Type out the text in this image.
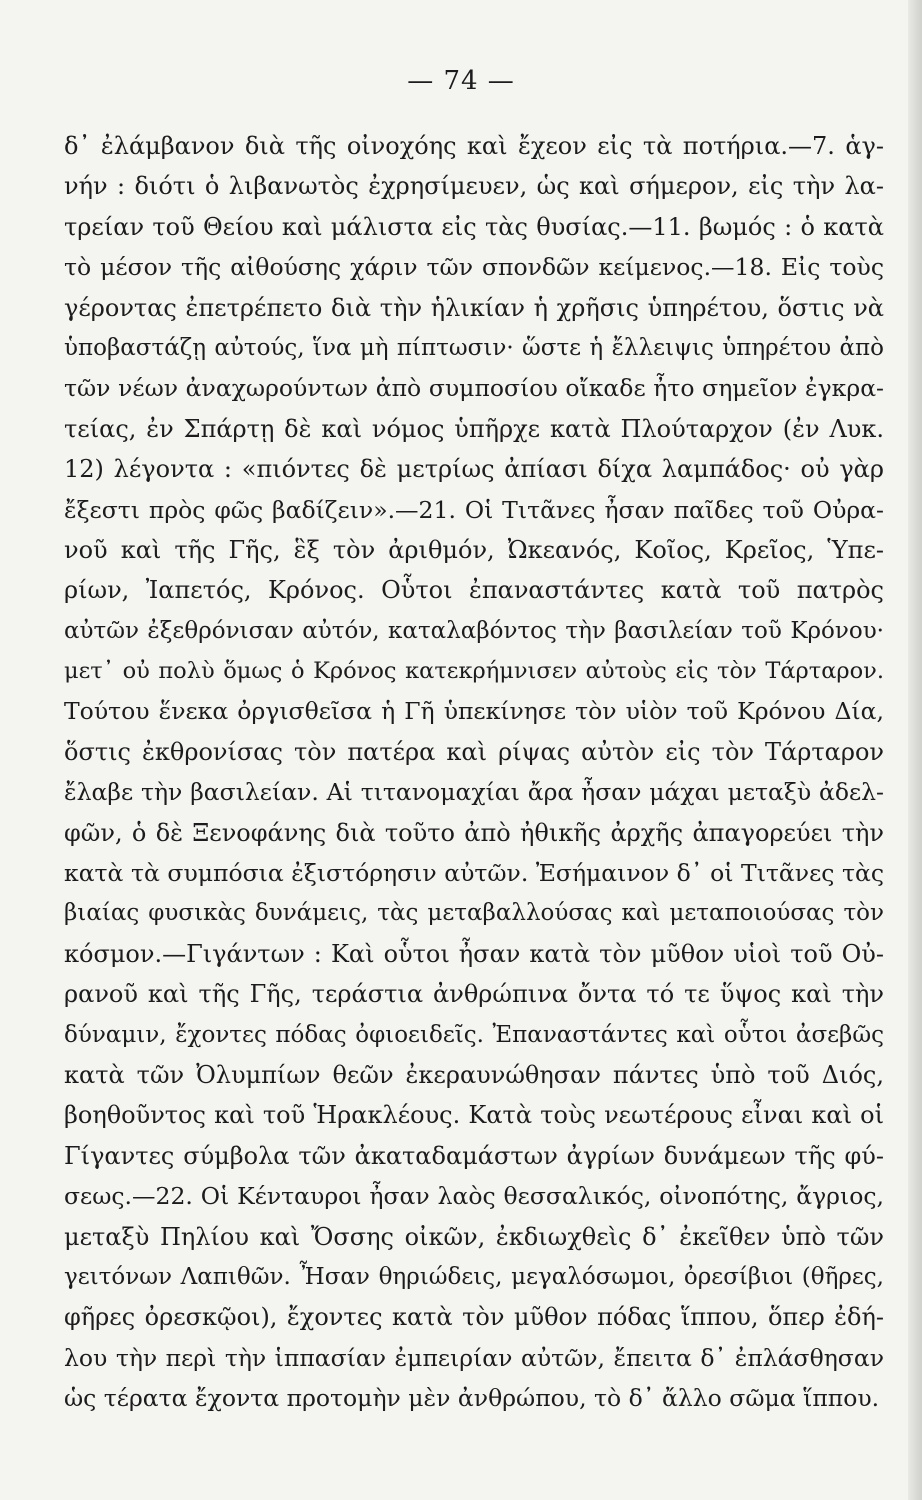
— 74 —
δ᾿ ἐλάμβανον διὰ τῆς οἰνοχόης καὶ ἔχεον εἰς τὰ ποτήρια.—7. ἁγ-
νήν : διότι ὁ λιβανωτὸς ἐχρησίμευεν, ὡς καὶ σήμερον, εἰς τὴν λα-
τρείαν τοῦ Θείου καὶ μάλιστα εἰς τὰς θυσίας.—11. βωμός : ὁ κατὰ
τὸ μέσον τῆς αἰθούσης χάριν τῶν σπονδῶν κείμενος.—18. Εἰς τοὺς
γέροντας ἐπετρέπετο διὰ τὴν ἡλικίαν ἡ χρῆσις ὑπηρέτου, ὅστις νὰ
ὑποβαστάζῃ αὐτούς, ἵνα μὴ πίπτωσιν· ὥστε ἡ ἔλλειψις ὑπηρέτου ἀπὸ
τῶν νέων ἀναχωρούντων ἀπὸ συμποσίου οἴκαδε ἦτο σημεῖον ἐγκρα-
τείας, ἐν Σπάρτῃ δὲ καὶ νόμος ὑπῆρχε κατὰ Πλούταρχον (ἐν Λυκ.
12) λέγοντα : «πιόντες δὲ μετρίως ἀπίασι δίχα λαμπάδος· οὐ γὰρ
ἔξεστι πρὸς φῶς βαδίζειν».—21. Οἱ Τιτᾶνες ἦσαν παῖδες τοῦ Οὐρα-
νοῦ καὶ τῆς Γῆς, ἓξ τὸν ἀριθμόν, Ὠκεανός, Κοῖος, Κρεῖος, Ὑπε-
ρίων, Ἰαπετός, Κρόνος. Οὗτοι ἐπαναστάντες κατὰ τοῦ πατρὸς
αὐτῶν ἐξεθρόνισαν αὐτόν, καταλαβόντος τὴν βασιλείαν τοῦ Κρόνου·
μετ᾿ οὐ πολὺ ὅμως ὁ Κρόνος κατεκρήμνισεν αὐτοὺς εἰς τὸν Τάρταρον.
Τούτου ἕνεκα ὀργισθεῖσα ἡ Γῆ ὑπεκίνησε τὸν υἱὸν τοῦ Κρόνου Δία,
ὅστις ἐκθρονίσας τὸν πατέρα καὶ ρίψας αὐτὸν εἰς τὸν Τάρταρον
ἔλαβε τὴν βασιλείαν. Αἱ τιτανομαχίαι ἄρα ἦσαν μάχαι μεταξὺ ἀδελ-
φῶν, ὁ δὲ Ξενοφάνης διὰ τοῦτο ἀπὸ ἠθικῆς ἀρχῆς ἀπαγορεύει τὴν
κατὰ τὰ συμπόσια ἐξιστόρησιν αὐτῶν. Ἐσήμαινον δ᾿ οἱ Τιτᾶνες τὰς
βιαίας φυσικὰς δυνάμεις, τὰς μεταβαλλούσας καὶ μεταποιούσας τὸν
κόσμον.—Γιγάντων : Καὶ οὗτοι ἦσαν κατὰ τὸν μῦθον υἱοὶ τοῦ Οὐ-
ρανοῦ καὶ τῆς Γῆς, τεράστια ἀνθρώπινα ὄντα τό τε ὕψος καὶ τὴν
δύναμιν, ἔχοντες πόδας ὀφιοειδεῖς. Ἐπαναστάντες καὶ οὗτοι ἀσεβῶς
κατὰ τῶν Ὀλυμπίων θεῶν ἐκεραυνώθησαν πάντες ὑπὸ τοῦ Διός,
βοηθοῦντος καὶ τοῦ Ἡρακλέους. Κατὰ τοὺς νεωτέρους εἶναι καὶ οἱ
Γίγαντες σύμβολα τῶν ἀκαταδαμάστων ἀγρίων δυνάμεων τῆς φύ-
σεως.—22. Οἱ Κένταυροι ἦσαν λαὸς θεσσαλικός, οἰνοπότης, ἄγριος,
μεταξὺ Πηλίου καὶ Ὄσσης οἰκῶν, ἐκδιωχθεὶς δ᾿ ἐκεῖθεν ὑπὸ τῶν
γειτόνων Λαπιθῶν. Ἦσαν θηριώδεις, μεγαλόσωμοι, ὀρεσίβιοι (θῆρες,
φῆρες ὀρεσκῷοι), ἔχοντες κατὰ τὸν μῦθον πόδας ἵππου, ὅπερ ἐδή-
λου τὴν περὶ τὴν ἱππασίαν ἐμπειρίαν αὐτῶν, ἔπειτα δ᾿ ἐπλάσθησαν
ὡς τέρατα ἔχοντα προτομὴν μὲν ἀνθρώπου, τὸ δ᾿ ἄλλο σῶμα ἵππου.
